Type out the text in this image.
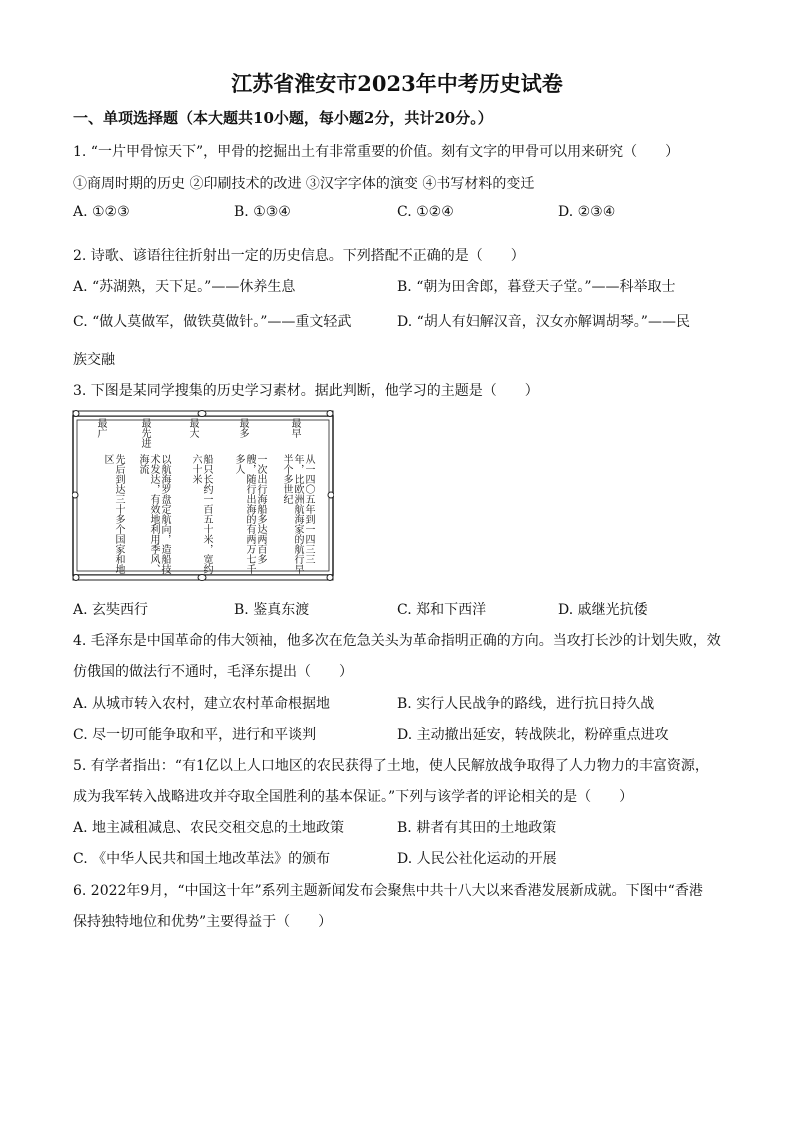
江苏省淮安市2023年中考历史试卷
一、单项选择题（本大题共10小题，每小题2分，共计20分。）
1. “一片甲骨惊天下”，甲骨的挖掘出土有非常重要的价值。刻有文字的甲骨可以用来研究（　　）
①商周时期的历史 ②印刷技术的改进 ③汉字字体的演变 ④书写材料的变迁
A. ①②③	B. ①③④	C. ①②④	D. ②③④
2. 诗歌、谚语往往折射出一定的历史信息。下列搭配不正确的是（　　）
A. “苏湖熟，天下足。”——休养生息	B. “朝为田舍郎，暮登天子堂。”——科举取士
C. “做人莫做军，做铁莫做针。”——重文轻武	D. “胡人有妇解汉音，汉女亦解调胡琴。”——民
族交融
3. 下图是某同学搜集的历史学习素材。据此判断，他学习的主题是（　　）
最早
从一四〇五年到一四三三年，比欧洲航海家的航行早半个多世纪
最多
一次出行海船多达两百多艘，随行出海的有两万七千多人
最大
船只长约一百五十米，宽约六十米
最先进
以航海罗盘定航向，造船技术发达，有效地利用季风、海流
最广
先后到达三十多个国家和地区
A. 玄奘西行	B. 鉴真东渡	C. 郑和下西洋	D. 戚继光抗倭
4. 毛泽东是中国革命的伟大领袖，他多次在危急关头为革命指明正确的方向。当攻打长沙的计划失败，效
仿俄国的做法行不通时，毛泽东提出（　　）
A. 从城市转入农村，建立农村革命根据地	B. 实行人民战争的路线，进行抗日持久战
C. 尽一切可能争取和平，进行和平谈判	D. 主动撤出延安，转战陕北，粉碎重点进攻
5. 有学者指出：“有1亿以上人口地区的农民获得了土地，使人民解放战争取得了人力物力的丰富资源，
成为我军转入战略进攻并夺取全国胜利的基本保证。”下列与该学者的评论相关的是（　　）
A. 地主减租减息、农民交租交息的土地政策	B. 耕者有其田的土地政策
C. 《中华人民共和国土地改革法》的颁布	D. 人民公社化运动的开展
6. 2022年9月，“中国这十年”系列主题新闻发布会聚焦中共十八大以来香港发展新成就。下图中“香港
保持独特地位和优势”主要得益于（　　）
